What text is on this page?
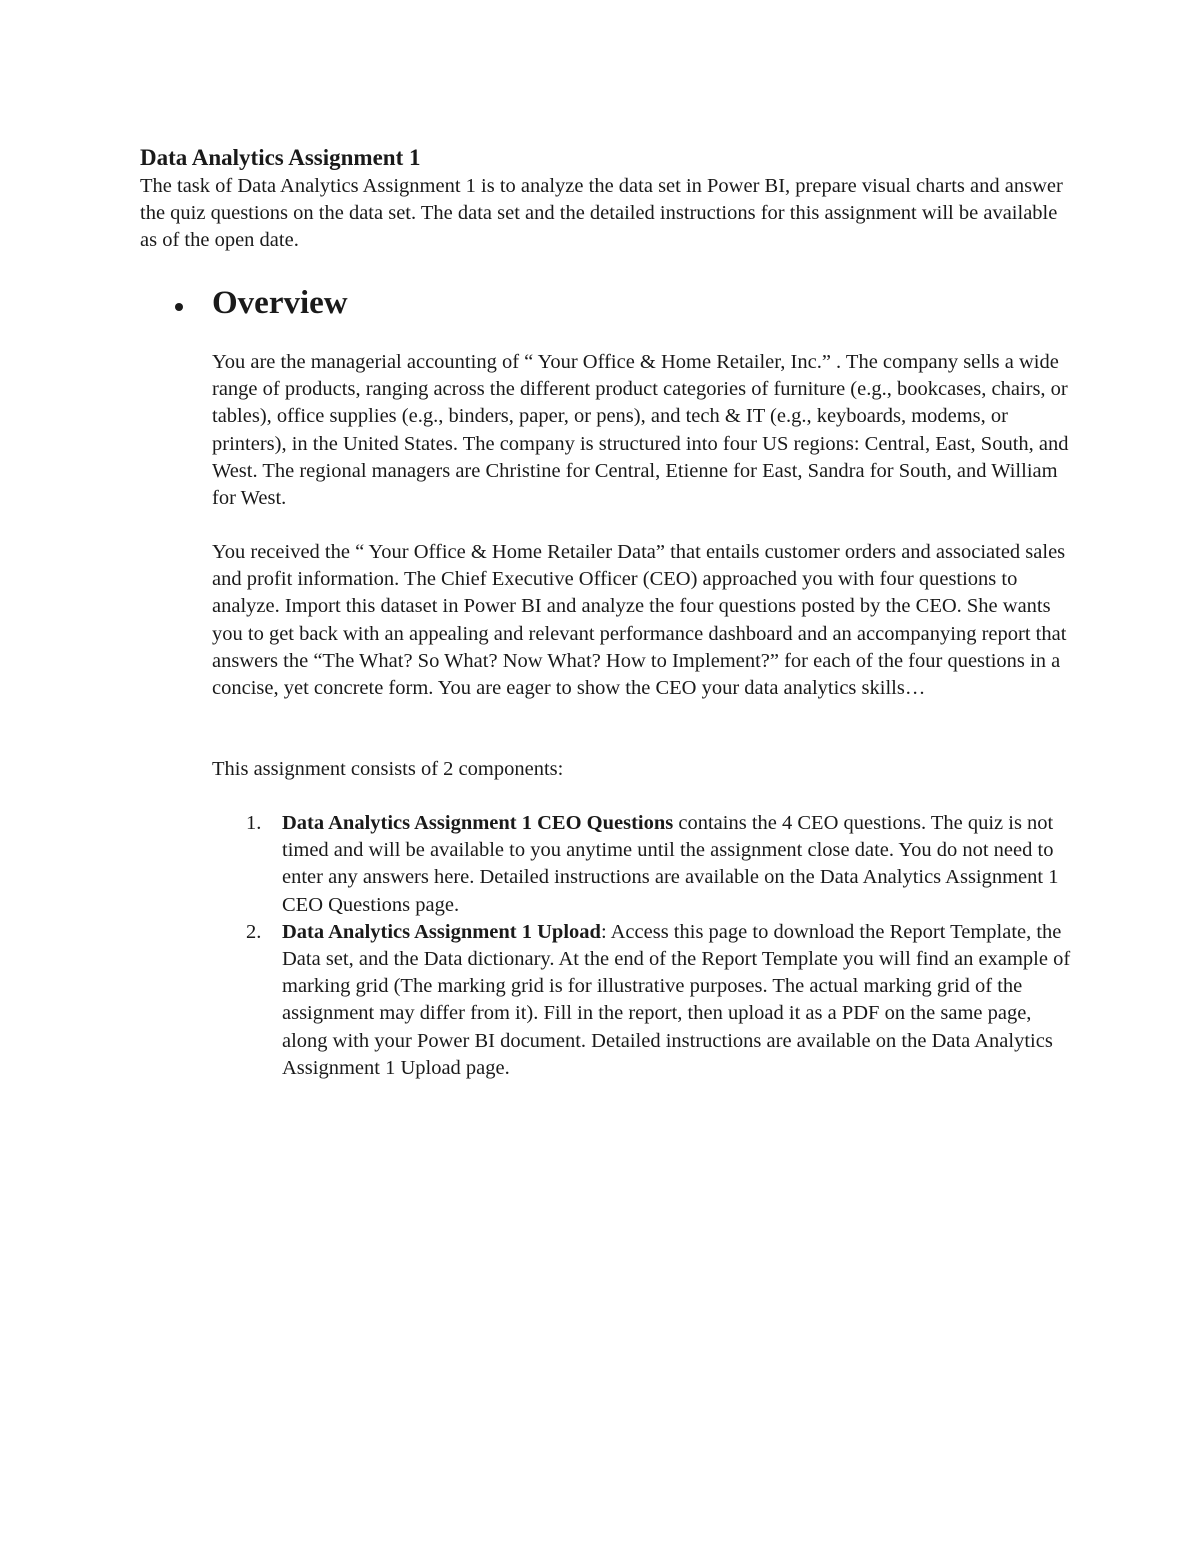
Data Analytics Assignment 1

The task of Data Analytics Assignment 1 is to analyze the data set in Power BI, prepare visual charts and answer the quiz questions on the data set. The data set and the detailed instructions for this assignment will be available as of the open date.

Overview

You are the managerial accounting of “ Your Office & Home Retailer, Inc.” . The company sells a wide range of products, ranging across the different product categories of furniture (e.g., bookcases, chairs, or tables), office supplies (e.g., binders, paper, or pens), and tech & IT (e.g., keyboards, modems, or printers), in the United States. The company is structured into four US regions: Central, East, South, and West. The regional managers are Christine for Central, Etienne for East, Sandra for South, and William for West.

You received the “ Your Office & Home Retailer Data” that entails customer orders and associated sales and profit information. The Chief Executive Officer (CEO) approached you with four questions to analyze. Import this dataset in Power BI and analyze the four questions posted by the CEO. She wants you to get back with an appealing and relevant performance dashboard and an accompanying report that answers the “The What? So What? Now What? How to Implement?” for each of the four questions in a concise, yet concrete form. You are eager to show the CEO your data analytics skills…

This assignment consists of 2 components:

1. Data Analytics Assignment 1 CEO Questions contains the 4 CEO questions. The quiz is not timed and will be available to you anytime until the assignment close date. You do not need to enter any answers here. Detailed instructions are available on the Data Analytics Assignment 1 CEO Questions page.
2. Data Analytics Assignment 1 Upload: Access this page to download the Report Template, the Data set, and the Data dictionary. At the end of the Report Template you will find an example of marking grid (The marking grid is for illustrative purposes. The actual marking grid of the assignment may differ from it). Fill in the report, then upload it as a PDF on the same page, along with your Power BI document. Detailed instructions are available on the Data Analytics Assignment 1 Upload page.
